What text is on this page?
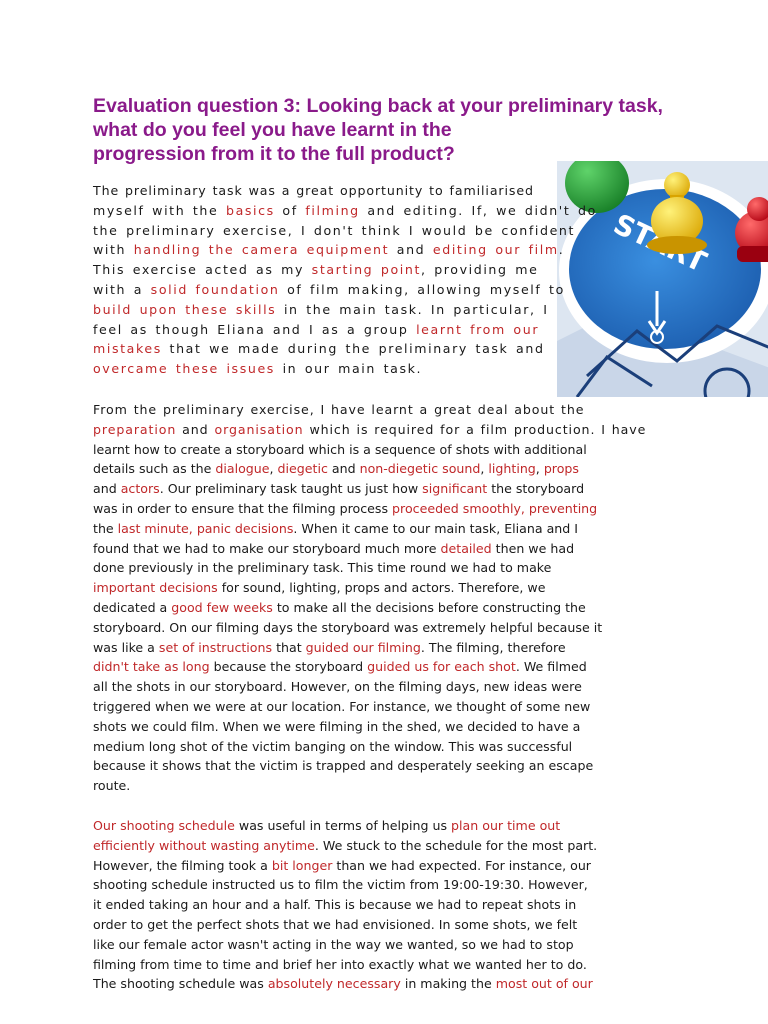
Evaluation question 3: Looking back at your preliminary task,
what do you feel you have learnt in the
progression from it to the full product?
The preliminary task was a great opportunity to familiarised
myself with the basics of filming and editing. If, we didn't do
the preliminary exercise, I don't think I would be confident
with handling the camera equipment and editing our film.
This exercise acted as my starting point, providing me
with a solid foundation of film making, allowing myself to
build upon these skills in the main task. In particular, I
feel as though Eliana and I as a group learnt from our
mistakes that we made during the preliminary task and
overcame these issues in our main task.
From the preliminary exercise, I have learnt a great deal about the
preparation and organisation which is required for a film production. I have
learnt how to create a storyboard which is a sequence of shots with additional
details such as the dialogue, diegetic and non-diegetic sound, lighting, props
and actors. Our preliminary task taught us just how significant the storyboard
was in order to ensure that the filming process proceeded smoothly, preventing
the last minute, panic decisions. When it came to our main task, Eliana and I
found that we had to make our storyboard much more detailed then we had
done previously in the preliminary task. This time round we had to make
important decisions for sound, lighting, props and actors. Therefore, we
dedicated a good few weeks to make all the decisions before constructing the
storyboard. On our filming days the storyboard was extremely helpful because it
was like a set of instructions that guided our filming. The filming, therefore
didn't take as long because the storyboard guided us for each shot. We filmed
all the shots in our storyboard. However, on the filming days, new ideas were
triggered when we were at our location. For instance, we thought of some new
shots we could film. When we were filming in the shed, we decided to have a
medium long shot of the victim banging on the window. This was successful
because it shows that the victim is trapped and desperately seeking an escape
route.
Our shooting schedule was useful in terms of helping us plan our time out
efficiently without wasting anytime. We stuck to the schedule for the most part.
However, the filming took a bit longer than we had expected. For instance, our
shooting schedule instructed us to film the victim from 19:00-19:30. However,
it ended taking an hour and a half. This is because we had to repeat shots in
order to get the perfect shots that we had envisioned. In some shots, we felt
like our female actor wasn't acting in the way we wanted, so we had to stop
filming from time to time and brief her into exactly what we wanted her to do.
The shooting schedule was absolutely necessary in making the most out of our
